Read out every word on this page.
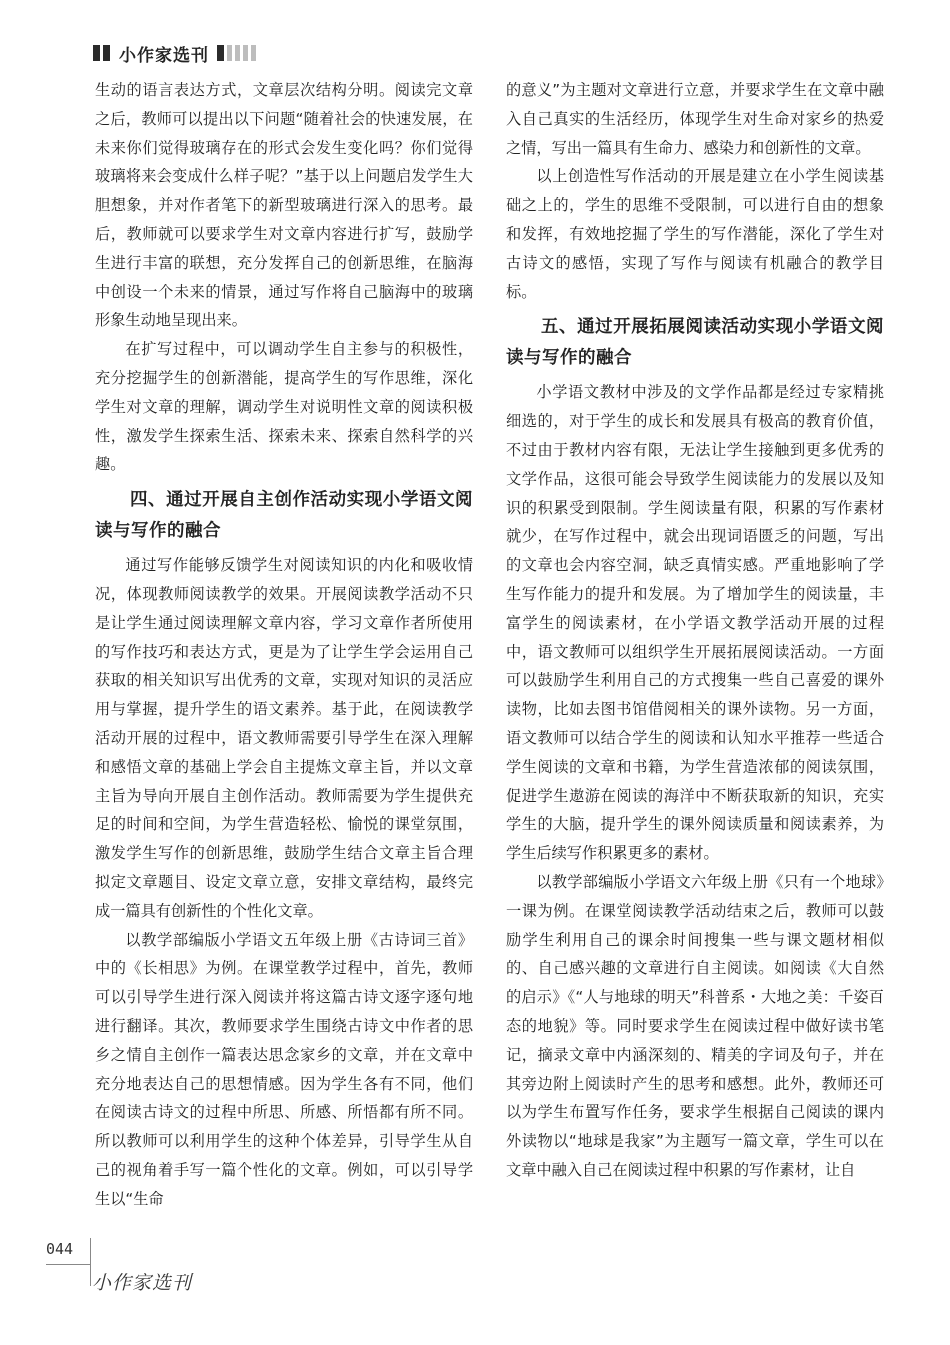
小作家选刊

生动的语言表达方式，文章层次结构分明。阅读完文章之后，教师可以提出以下问题“随着社会的快速发展，在未来你们觉得玻璃存在的形式会发生变化吗？你们觉得玻璃将来会变成什么样子呢？”基于以上问题启发学生大胆想象，并对作者笔下的新型玻璃进行深入的思考。最后，教师就可以要求学生对文章内容进行扩写，鼓励学生进行丰富的联想，充分发挥自己的创新思维，在脑海中创设一个未来的情景，通过写作将自己脑海中的玻璃形象生动地呈现出来。

在扩写过程中，可以调动学生自主参与的积极性，充分挖掘学生的创新潜能，提高学生的写作思维，深化学生对文章的理解，调动学生对说明性文章的阅读积极性，激发学生探索生活、探索未来、探索自然科学的兴趣。

四、通过开展自主创作活动实现小学语文阅读与写作的融合

通过写作能够反馈学生对阅读知识的内化和吸收情况，体现教师阅读教学的效果。开展阅读教学活动不只是让学生通过阅读理解文章内容，学习文章作者所使用的写作技巧和表达方式，更是为了让学生学会运用自己获取的相关知识写出优秀的文章，实现对知识的灵活应用与掌握，提升学生的语文素养。基于此，在阅读教学活动开展的过程中，语文教师需要引导学生在深入理解和感悟文章的基础上学会自主提炼文章主旨，并以文章主旨为导向开展自主创作活动。教师需要为学生提供充足的时间和空间，为学生营造轻松、愉悦的课堂氛围，激发学生写作的创新思维，鼓励学生结合文章主旨合理拟定文章题目、设定文章立意，安排文章结构，最终完成一篇具有创新性的个性化文章。

以教学部编版小学语文五年级上册《古诗词三首》中的《长相思》为例。在课堂教学过程中，首先，教师可以引导学生进行深入阅读并将这篇古诗文逐字逐句地进行翻译。其次，教师要求学生围绕古诗文中作者的思乡之情自主创作一篇表达思念家乡的文章，并在文章中充分地表达自己的思想情感。因为学生各有不同，他们在阅读古诗文的过程中所思、所感、所悟都有所不同。所以教师可以利用学生的这种个体差异，引导学生从自己的视角着手写一篇个性化的文章。例如，可以引导学生以“生命

的意义”为主题对文章进行立意，并要求学生在文章中融入自己真实的生活经历，体现学生对生命对家乡的热爱之情，写出一篇具有生命力、感染力和创新性的文章。

以上创造性写作活动的开展是建立在小学生阅读基础之上的，学生的思维不受限制，可以进行自由的想象和发挥，有效地挖掘了学生的写作潜能，深化了学生对古诗文的感悟，实现了写作与阅读有机融合的教学目标。

五、通过开展拓展阅读活动实现小学语文阅读与写作的融合

小学语文教材中涉及的文学作品都是经过专家精挑细选的，对于学生的成长和发展具有极高的教育价值，不过由于教材内容有限，无法让学生接触到更多优秀的文学作品，这很可能会导致学生阅读能力的发展以及知识的积累受到限制。学生阅读量有限，积累的写作素材就少，在写作过程中，就会出现词语匮乏的问题，写出的文章也会内容空洞，缺乏真情实感。严重地影响了学生写作能力的提升和发展。为了增加学生的阅读量，丰富学生的阅读素材，在小学语文教学活动开展的过程中，语文教师可以组织学生开展拓展阅读活动。一方面可以鼓励学生利用自己的方式搜集一些自己喜爱的课外读物，比如去图书馆借阅相关的课外读物。另一方面，语文教师可以结合学生的阅读和认知水平推荐一些适合学生阅读的文章和书籍，为学生营造浓郁的阅读氛围，促进学生遨游在阅读的海洋中不断获取新的知识，充实学生的大脑，提升学生的课外阅读质量和阅读素养，为学生后续写作积累更多的素材。

以教学部编版小学语文六年级上册《只有一个地球》一课为例。在课堂阅读教学活动结束之后，教师可以鼓励学生利用自己的课余时间搜集一些与课文题材相似的、自己感兴趣的文章进行自主阅读。如阅读《大自然的启示》《“人与地球的明天”科普系・大地之美：千姿百态的地貌》等。同时要求学生在阅读过程中做好读书笔记，摘录文章中内涵深刻的、精美的字词及句子，并在其旁边附上阅读时产生的思考和感想。此外，教师还可以为学生布置写作任务，要求学生根据自己阅读的课内外读物以“地球是我家”为主题写一篇文章，学生可以在文章中融入自己在阅读过程中积累的写作素材，让自

044
小作家选刊
